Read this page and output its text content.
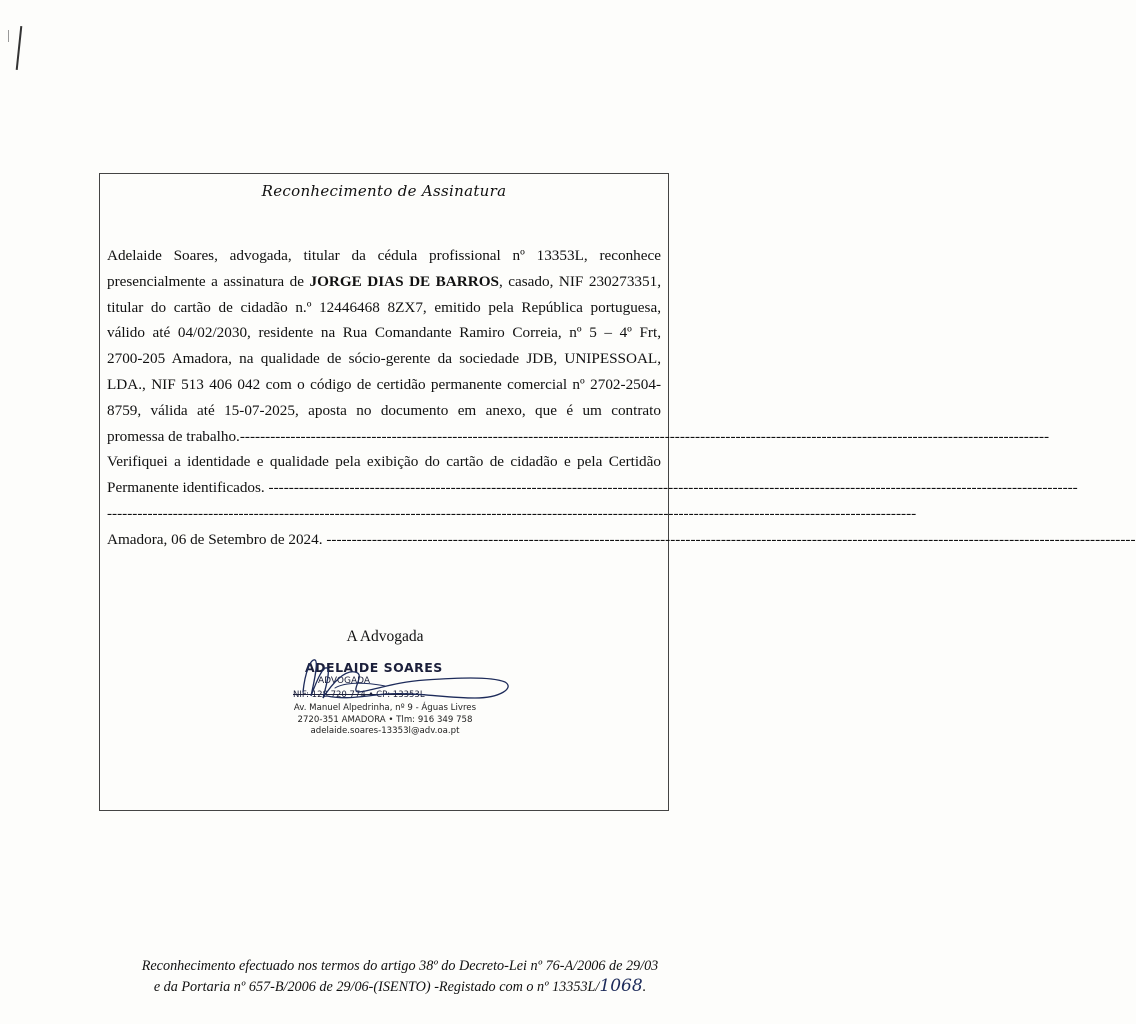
Reconhecimento de Assinatura
Adelaide Soares, advogada, titular da cédula profissional nº 13353L, reconhece
presencialmente a assinatura de JORGE DIAS DE BARROS, casado, NIF 230273351,
titular do cartão de cidadão n.º 12446468 8ZX7, emitido pela República portuguesa,
válido até 04/02/2030, residente na Rua Comandante Ramiro Correia, nº 5 – 4º Frt,
2700-205 Amadora, na qualidade de sócio-gerente da sociedade JDB, UNIPESSOAL,
LDA., NIF 513 406 042 com o código de certidão permanente comercial nº 2702-2504-
8759, válida até 15-07-2025, aposta no documento em anexo, que é um contrato
promessa de trabalho.----------------------------------------------------------------------------------------------------------------------------------------------------------------
Verifiquei a identidade e qualidade pela exibição do cartão de cidadão e pela Certidão
Permanente identificados. ----------------------------------------------------------------------------------------------------------------------------------------------------------------
----------------------------------------------------------------------------------------------------------------------------------------------------------------
Amadora, 06 de Setembro de 2024. ----------------------------------------------------------------------------------------------------------------------------------------------------------------
A Advogada
ADELAIDE SOARES
ADVOGADA
NIF: 128 720 774 • CP: 13353L
Av. Manuel Alpedrinha, nº 9 - Águas Livres
2720-351 AMADORA • Tlm: 916 349 758
adelaide.soares-13353l@adv.oa.pt
Reconhecimento efectuado nos termos do artigo 38º do Decreto-Lei nº 76-A/2006 de 29/03
e da Portaria nº 657-B/2006 de 29/06-(ISENTO) -Registado com o nº 13353L/1068.
